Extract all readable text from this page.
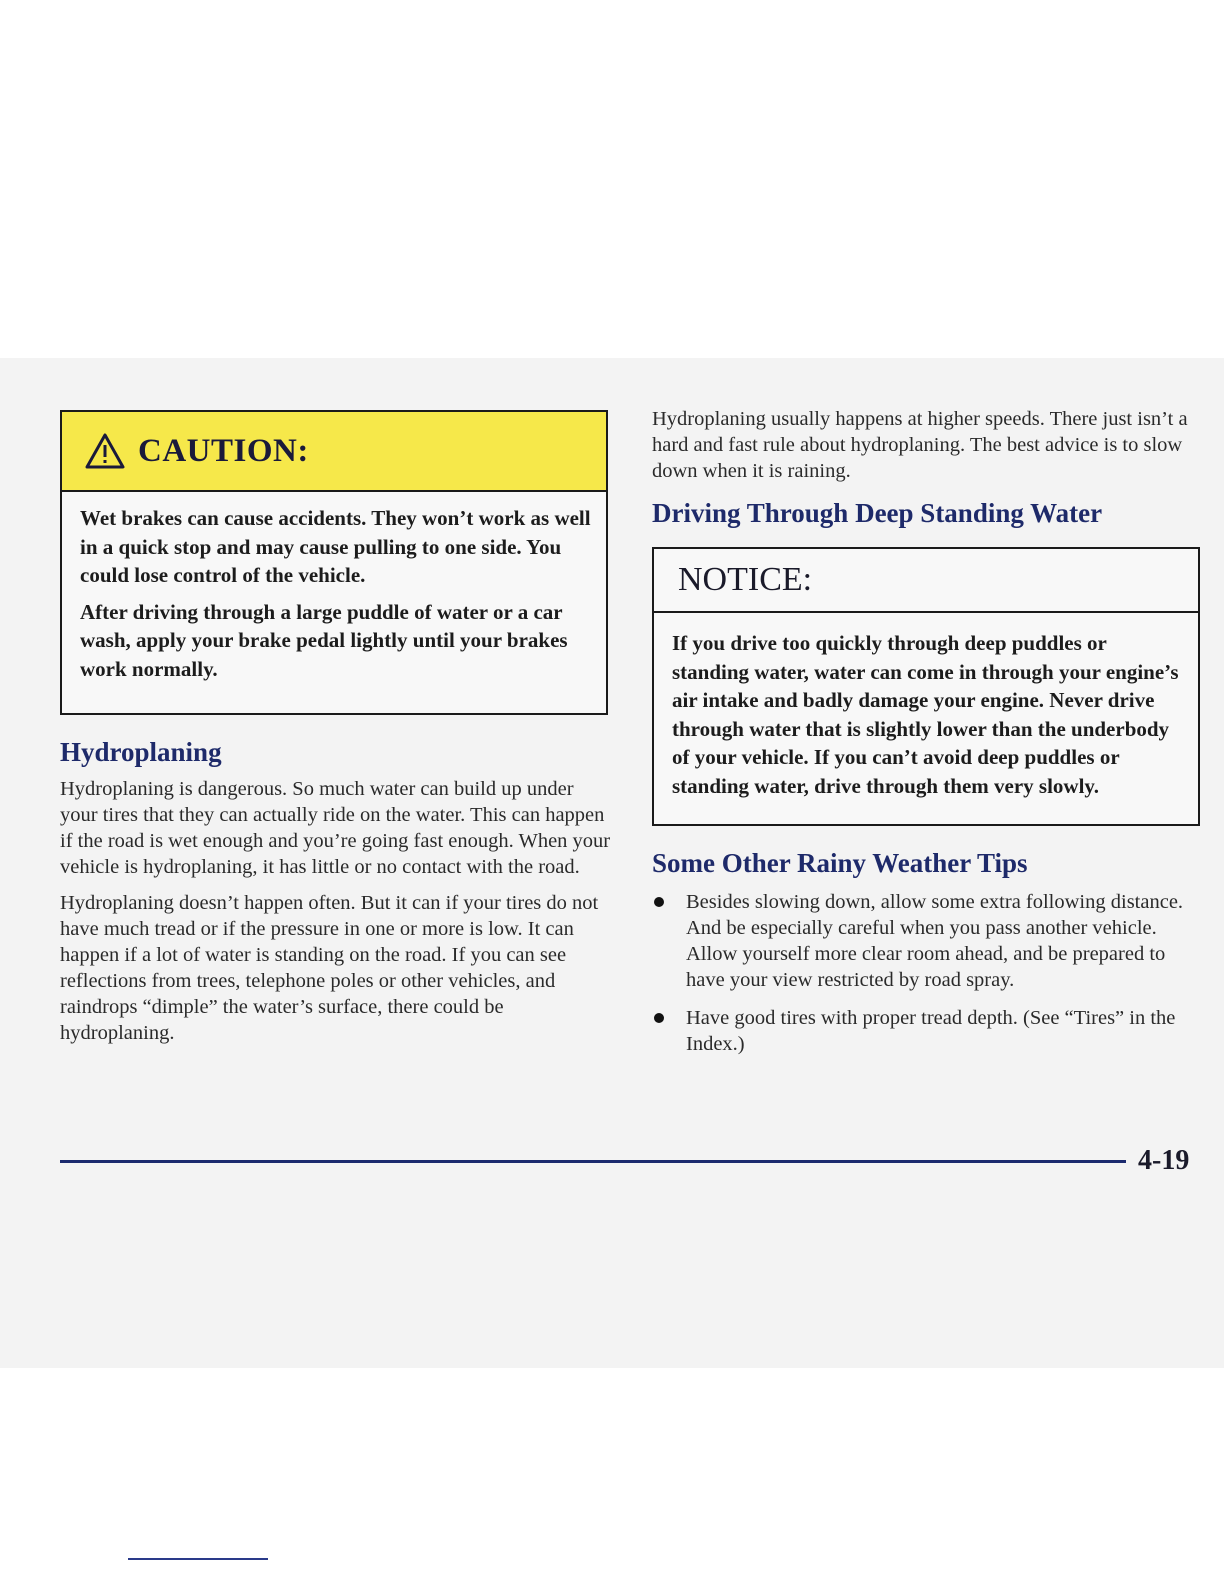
CAUTION:

Wet brakes can cause accidents. They won’t work as well in a quick stop and may cause pulling to one side. You could lose control of the vehicle.

After driving through a large puddle of water or a car wash, apply your brake pedal lightly until your brakes work normally.

Hydroplaning

Hydroplaning is dangerous. So much water can build up under your tires that they can actually ride on the water. This can happen if the road is wet enough and you’re going fast enough. When your vehicle is hydroplaning, it has little or no contact with the road.

Hydroplaning doesn’t happen often. But it can if your tires do not have much tread or if the pressure in one or more is low. It can happen if a lot of water is standing on the road. If you can see reflections from trees, telephone poles or other vehicles, and raindrops “dimple” the water’s surface, there could be hydroplaning.

Hydroplaning usually happens at higher speeds. There just isn’t a hard and fast rule about hydroplaning. The best advice is to slow down when it is raining.

Driving Through Deep Standing Water
NOTICE:

If you drive too quickly through deep puddles or standing water, water can come in through your engine’s air intake and badly damage your engine. Never drive through water that is slightly lower than the underbody of your vehicle. If you can’t avoid deep puddles or standing water, drive through them very slowly.

Some Other Rainy Weather Tips
Besides slowing down, allow some extra following distance. And be especially careful when you pass another vehicle. Allow yourself more clear room ahead, and be prepared to have your view restricted by road spray.
Have good tires with proper tread depth. (See “Tires” in the Index.)
4-19
